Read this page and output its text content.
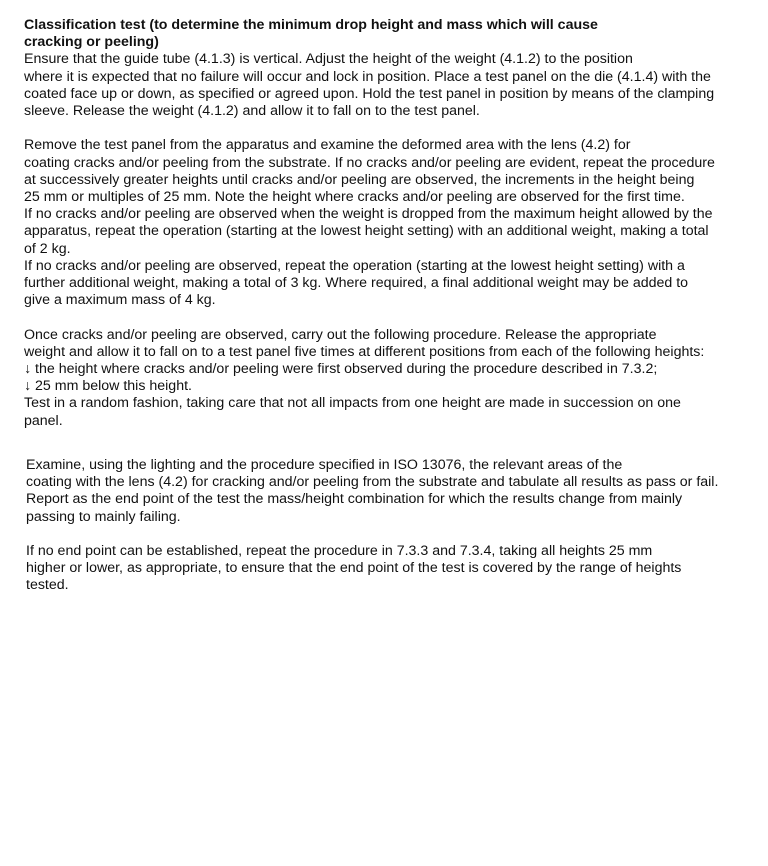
Classification test (to determine the minimum drop height and mass which will cause
cracking or peeling)
Ensure that the guide tube (4.1.3) is vertical. Adjust the height of the weight (4.1.2) to the position
where it is expected that no failure will occur and lock in position. Place a test panel on the die (4.1.4) with the
coated face up or down, as specified or agreed upon. Hold the test panel in position by means of the clamping
sleeve. Release the weight (4.1.2) and allow it to fall on to the test panel.
Remove the test panel from the apparatus and examine the deformed area with the lens (4.2) for
coating cracks and/or peeling from the substrate. If no cracks and/or peeling are evident, repeat the procedure
at successively greater heights until cracks and/or peeling are observed, the increments in the height being
25 mm or multiples of 25 mm. Note the height where cracks and/or peeling are observed for the first time.
If no cracks and/or peeling are observed when the weight is dropped from the maximum height allowed by the
apparatus, repeat the operation (starting at the lowest height setting) with an additional weight, making a total
of 2 kg.
If no cracks and/or peeling are observed, repeat the operation (starting at the lowest height setting) with a
further additional weight, making a total of 3 kg. Where required, a final additional weight may be added to
give a maximum mass of 4 kg.
Once cracks and/or peeling are observed, carry out the following procedure. Release the appropriate
weight and allow it to fall on to a test panel five times at different positions from each of the following heights:
↓ the height where cracks and/or peeling were first observed during the procedure described in 7.3.2;
↓ 25 mm below this height.
Test in a random fashion, taking care that not all impacts from one height are made in succession on one
panel.
Examine, using the lighting and the procedure specified in ISO 13076, the relevant areas of the
coating with the lens (4.2) for cracking and/or peeling from the substrate and tabulate all results as pass or fail.
Report as the end point of the test the mass/height combination for which the results change from mainly
passing to mainly failing.
If no end point can be established, repeat the procedure in 7.3.3 and 7.3.4, taking all heights 25 mm
higher or lower, as appropriate, to ensure that the end point of the test is covered by the range of heights
tested.
